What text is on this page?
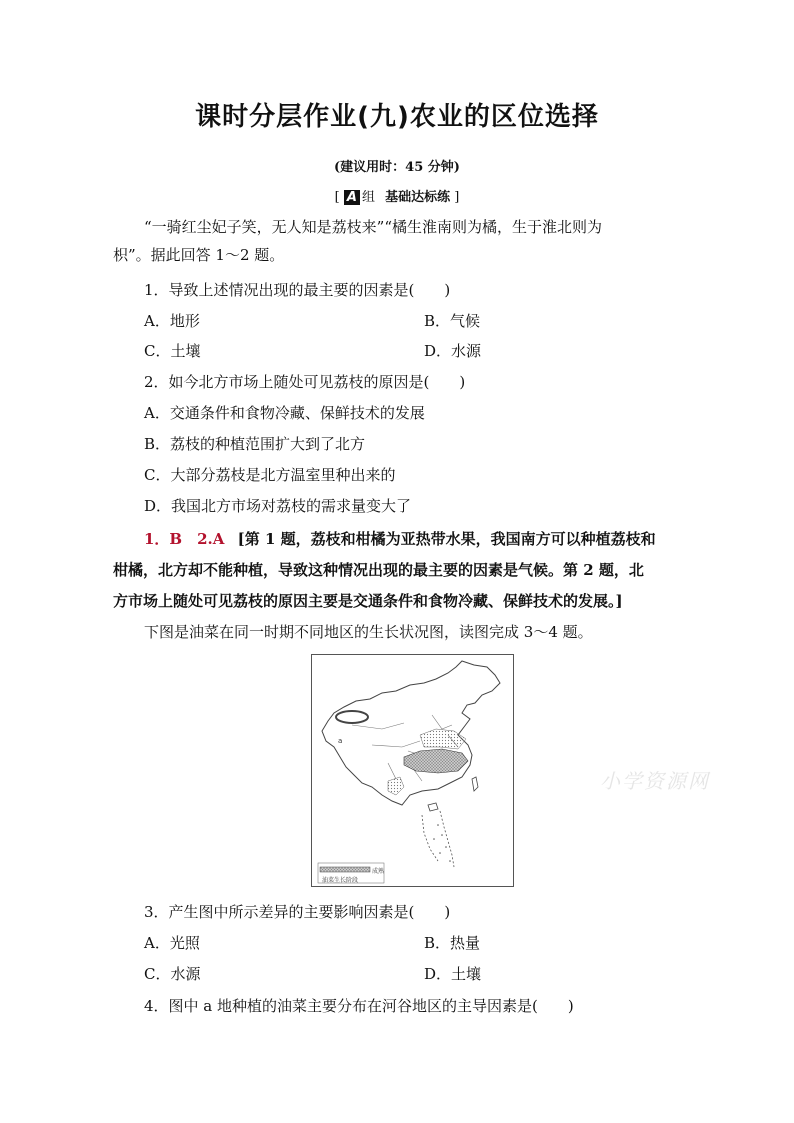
课时分层作业(九)农业的区位选择
(建议用时：45 分钟)
[ A 组 基础达标练 ]
“一骑红尘妃子笑，无人知是荔枝来”“橘生淮南则为橘，生于淮北则为
枳”。据此回答 1～2 题。
1．导致上述情况出现的最主要的因素是(　　)
A．地形	B．气候
C．土壤	D．水源
2．如今北方市场上随处可见荔枝的原因是(　　)
A．交通条件和食物冷藏、保鲜技术的发展
B．荔枝的种植范围扩大到了北方
C．大部分荔枝是北方温室里种出来的
D．我国北方市场对荔枝的需求量变大了
1．B　2.A [第 1 题，荔枝和柑橘为亚热带水果，我国南方可以种植荔枝和
柑橘，北方却不能种植，导致这种情况出现的最主要的因素是气候。第 2 题，北
方市场上随处可见荔枝的原因主要是交通条件和食物冷藏、保鲜技术的发展。]
下图是油菜在同一时期不同地区的生长状况图，读图完成 3～4 题。
a
成熟
油菜生长阶段
小学资源网
3．产生图中所示差异的主要影响因素是(　　)
A．光照	B．热量
C．水源	D．土壤
4．图中 a 地种植的油菜主要分布在河谷地区的主导因素是(　　)
